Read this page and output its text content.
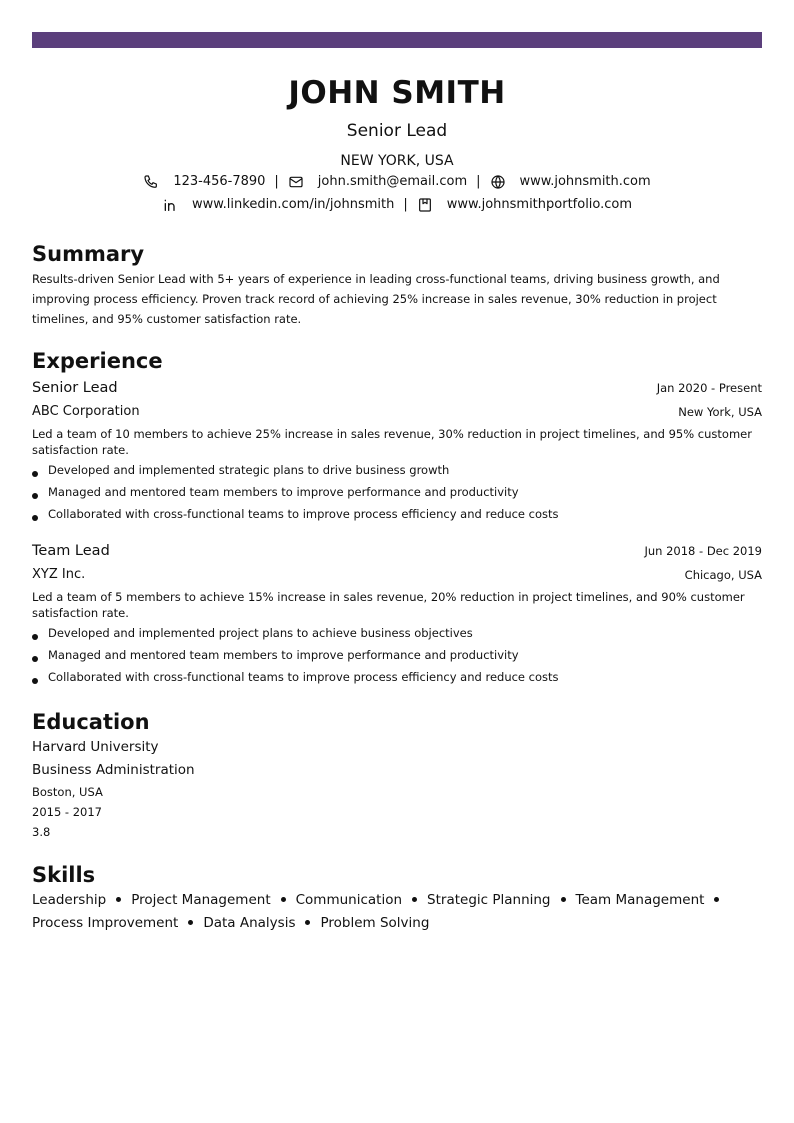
JOHN SMITH
Senior Lead
NEW YORK, USA
123-456-7890 |	john.smith@email.com |	www.johnsmith.com
www.linkedin.com/in/johnsmith |	www.johnsmithportfolio.com
Summary
Results-driven Senior Lead with 5+ years of experience in leading cross-functional teams, driving business growth, and improving process efficiency. Proven track record of achieving 25% increase in sales revenue, 30% reduction in project timelines, and 95% customer satisfaction rate.
Experience
Senior Lead	Jan 2020 - Present
ABC Corporation	New York, USA
Led a team of 10 members to achieve 25% increase in sales revenue, 30% reduction in project timelines, and 95% customer satisfaction rate.
Developed and implemented strategic plans to drive business growth
Managed and mentored team members to improve performance and productivity
Collaborated with cross-functional teams to improve process efficiency and reduce costs
Team Lead	Jun 2018 - Dec 2019
XYZ Inc.	Chicago, USA
Led a team of 5 members to achieve 15% increase in sales revenue, 20% reduction in project timelines, and 90% customer satisfaction rate.
Developed and implemented project plans to achieve business objectives
Managed and mentored team members to improve performance and productivity
Collaborated with cross-functional teams to improve process efficiency and reduce costs
Education
Harvard University
Business Administration
Boston, USA
2015 - 2017
3.8
Skills
Leadership Project Management Communication Strategic Planning Team Management
Process Improvement Data Analysis Problem Solving
